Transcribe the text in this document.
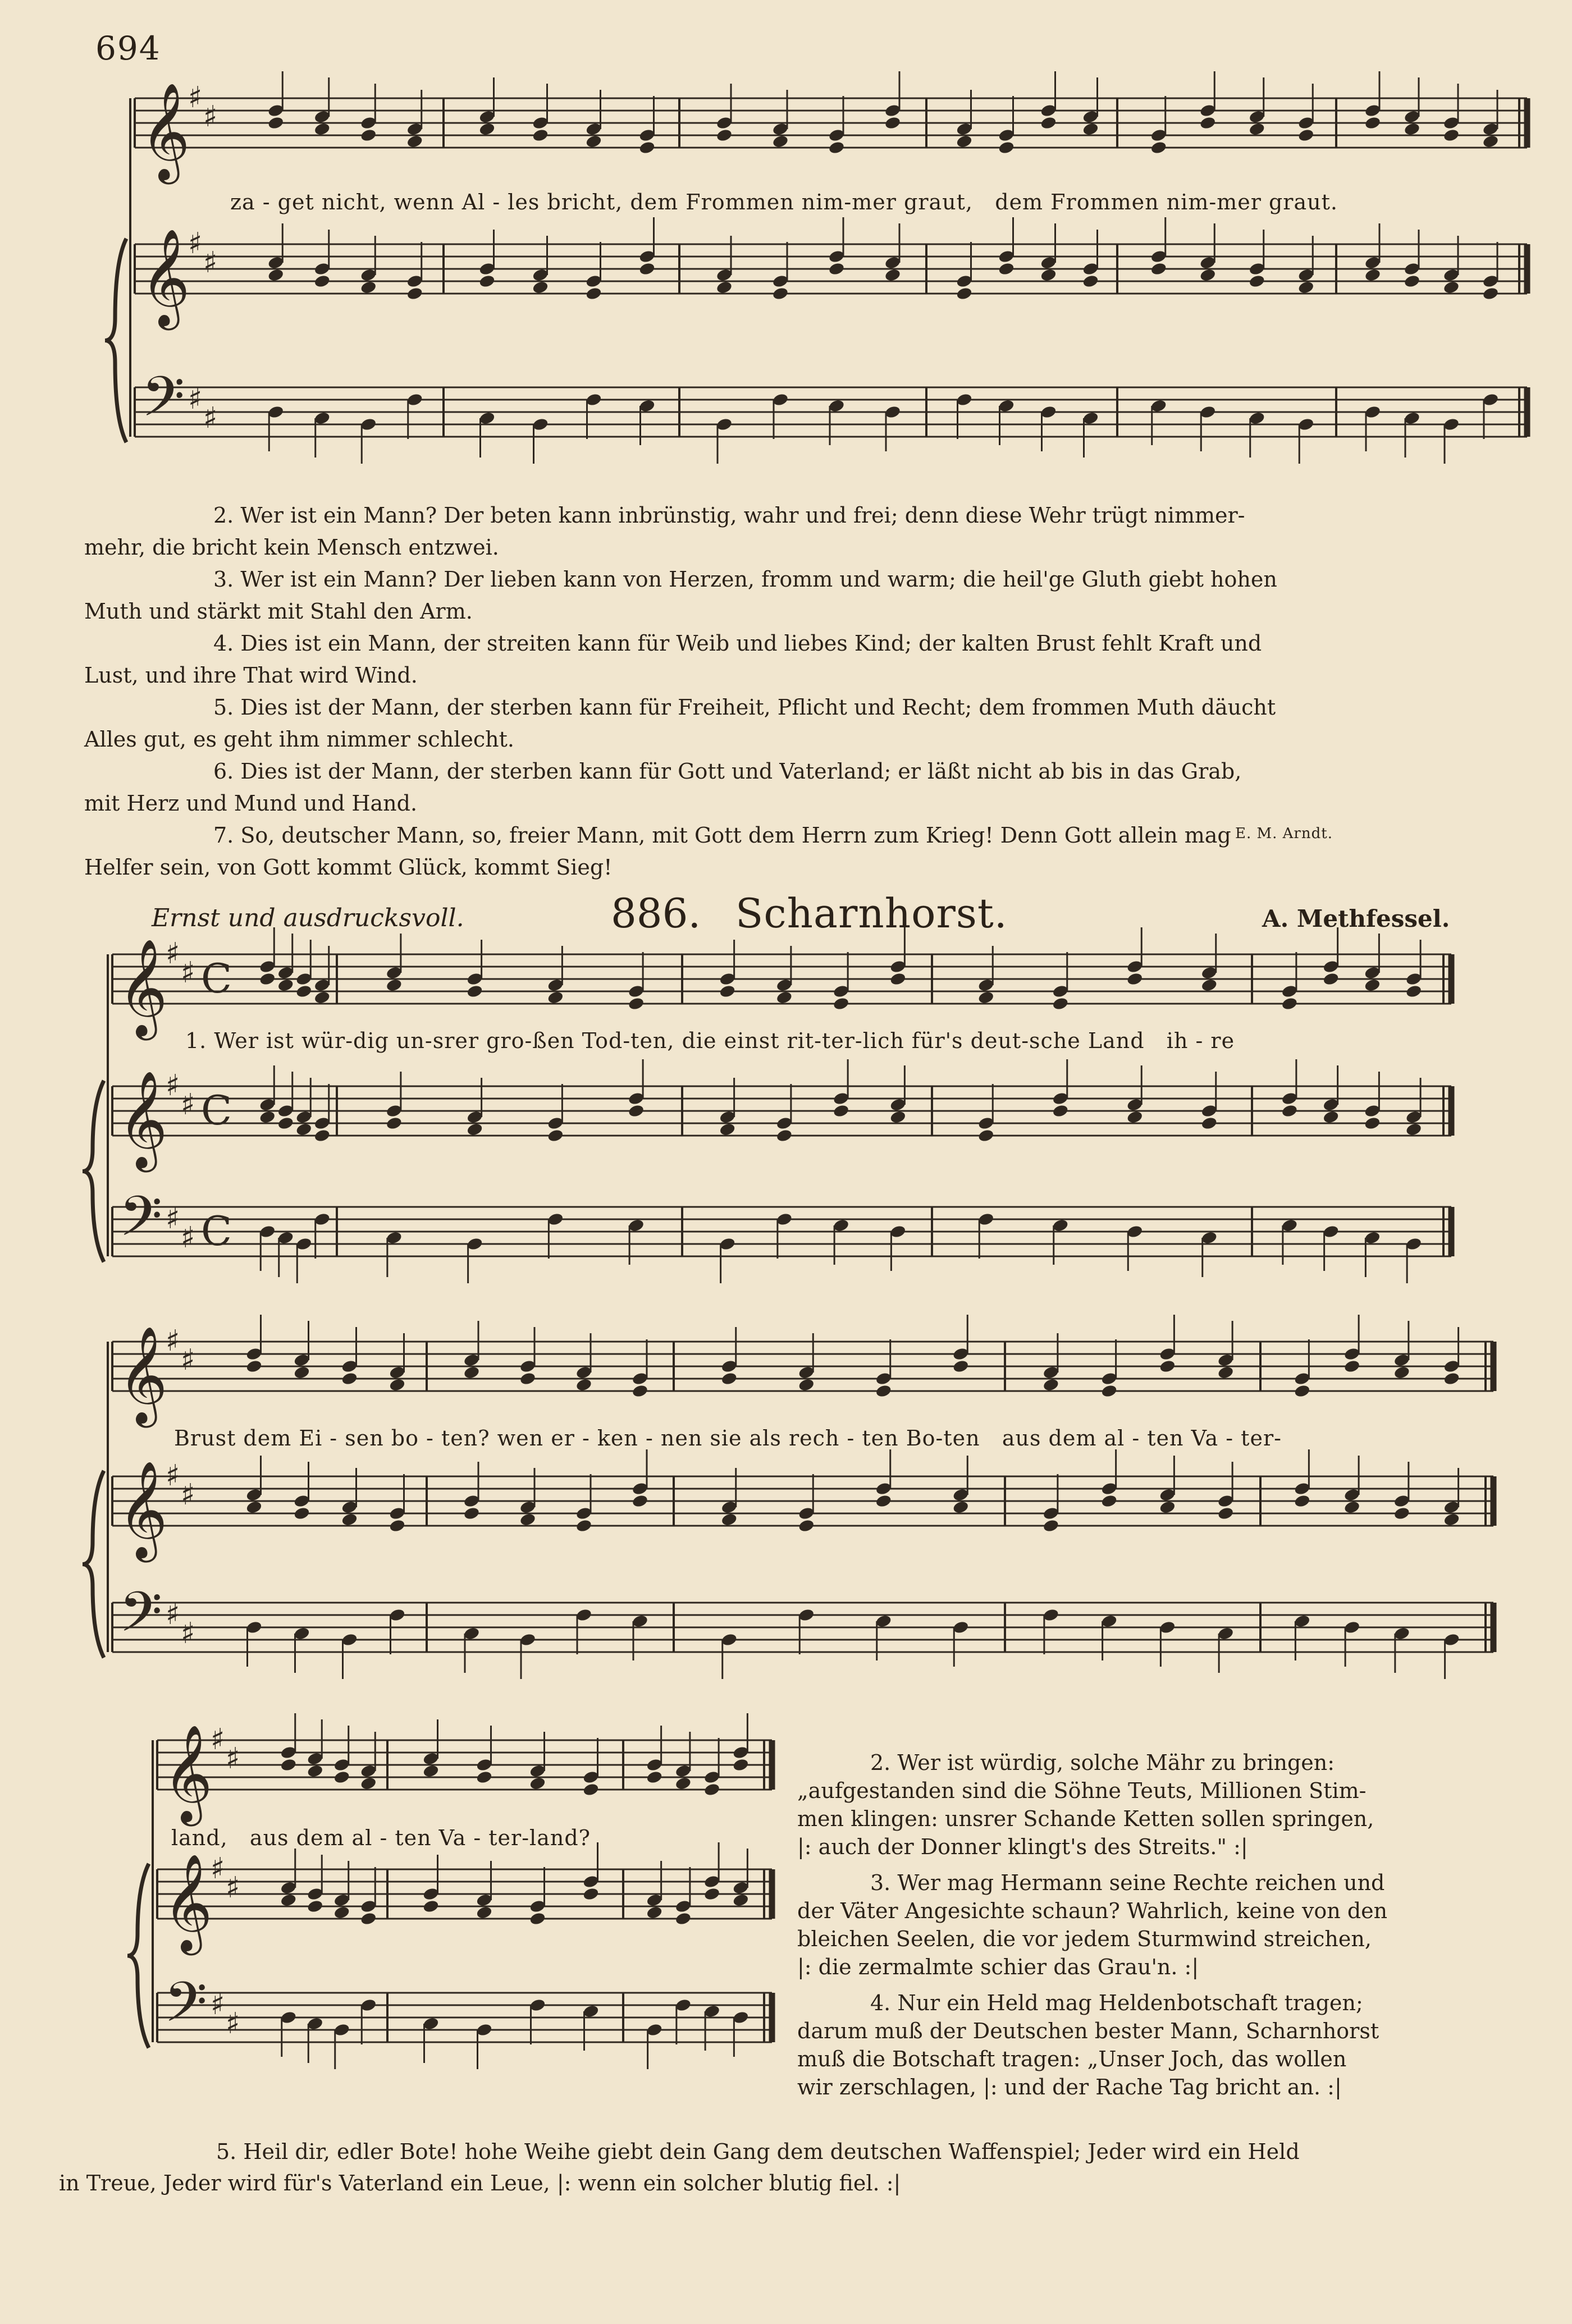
694
𝄞
♯
♯
𝄞
♯
♯
𝄢 ♯
♯
𝄞
♯
♯ C
𝄞
♯
♯ C
𝄢 ♯
♯ C
𝄞
♯
♯
𝄞
♯
♯
𝄢 ♯
♯
𝄞
♯
♯
𝄞
♯
♯
𝄢 ♯
♯
za - get nicht, wenn Al - les bricht, dem Frommen nim-mer graut,   dem Frommen nim-mer graut.
2. Wer ist ein Mann? Der beten kann inbrünstig, wahr und frei; denn diese Wehr trügt nimmer-
mehr, die bricht kein Mensch entzwei.
3. Wer ist ein Mann? Der lieben kann von Herzen, fromm und warm; die heil'ge Gluth giebt hohen
Muth und stärkt mit Stahl den Arm.
4. Dies ist ein Mann, der streiten kann für Weib und liebes Kind; der kalten Brust fehlt Kraft und
Lust, und ihre That wird Wind.
5. Dies ist der Mann, der sterben kann für Freiheit, Pflicht und Recht; dem frommen Muth däucht
Alles gut, es geht ihm nimmer schlecht.
6. Dies ist der Mann, der sterben kann für Gott und Vaterland; er läßt nicht ab bis in das Grab,
mit Herz und Mund und Hand.
7. So, deutscher Mann, so, freier Mann, mit Gott dem Herrn zum Krieg! Denn Gott allein mag
Helfer sein, von Gott kommt Glück, kommt Sieg!
E. M. Arndt.
Ernst und ausdrucksvoll.	886. Scharnhorst.	A. Methfessel.
1. Wer ist wür-dig un-srer gro-ßen Tod-ten, die einst rit-ter-lich für's deut-sche Land   ih - re
Brust dem Ei - sen bo - ten? wen er - ken - nen sie als rech - ten Bo-ten   aus dem al - ten Va - ter-
land,   aus dem al - ten Va - ter-land?
2. Wer ist würdig, solche Mähr zu bringen:
„aufgestanden sind die Söhne Teuts, Millionen Stim-
men klingen: unsrer Schande Ketten sollen springen,
|: auch der Donner klingt's des Streits." :|
3. Wer mag Hermann seine Rechte reichen und
der Väter Angesichte schaun? Wahrlich, keine von den
bleichen Seelen, die vor jedem Sturmwind streichen,
|: die zermalmte schier das Grau'n. :|
4. Nur ein Held mag Heldenbotschaft tragen;
darum muß der Deutschen bester Mann, Scharnhorst
muß die Botschaft tragen: „Unser Joch, das wollen
wir zerschlagen, |: und der Rache Tag bricht an. :|
5. Heil dir, edler Bote! hohe Weihe giebt dein Gang dem deutschen Waffenspiel; Jeder wird ein Held
in Treue, Jeder wird für's Vaterland ein Leue, |: wenn ein solcher blutig fiel. :|
